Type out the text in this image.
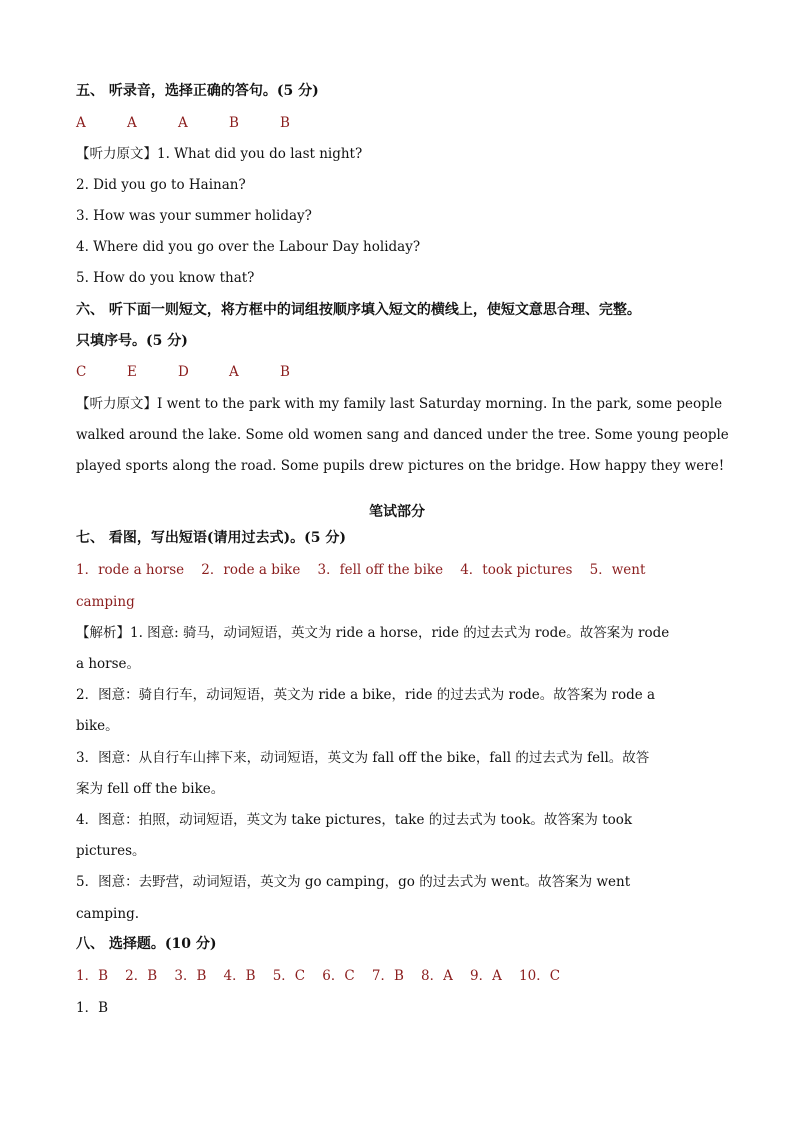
五、 听录音，选择正确的答句。(5 分)
A	A	A	B	B
【听力原文】1. What did you do last night?
2. Did you go to Hainan?
3. How was your summer holiday?
4. Where did you go over the Labour Day holiday?
5. How do you know that?
六、 听下面一则短文，将方框中的词组按顺序填入短文的横线上，使短文意思合理、完整。
只填序号。(5 分)
C	E	D	A	B
【听力原文】I went to the park with my family last Saturday morning. In the park, some people
walked around the lake. Some old women sang and danced under the tree. Some young people
played sports along the road. Some pupils drew pictures on the bridge. How happy they were!
笔试部分
七、 看图，写出短语(请用过去式)。(5 分)
1．rode a horse    2．rode a bike    3．fell off the bike    4．took pictures    5．went
camping
【解析】1. 图意: 骑马，动词短语，英文为 ride a horse，ride 的过去式为 rode。故答案为 rode
a horse。
2．图意：骑自行车，动词短语，英文为 ride a bike，ride 的过去式为 rode。故答案为 rode a
bike。
3．图意：从自行车山摔下来，动词短语，英文为 fall off the bike，fall 的过去式为 fell。故答
案为 fell off the bike。
4．图意：拍照，动词短语，英文为 take pictures，take 的过去式为 took。故答案为 took
pictures。
5．图意：去野营，动词短语，英文为 go camping，go 的过去式为 went。故答案为 went
camping.
八、 选择题。(10 分)
1．B    2．B    3．B    4．B    5．C    6．C    7．B    8．A    9．A    10．C
1．B
